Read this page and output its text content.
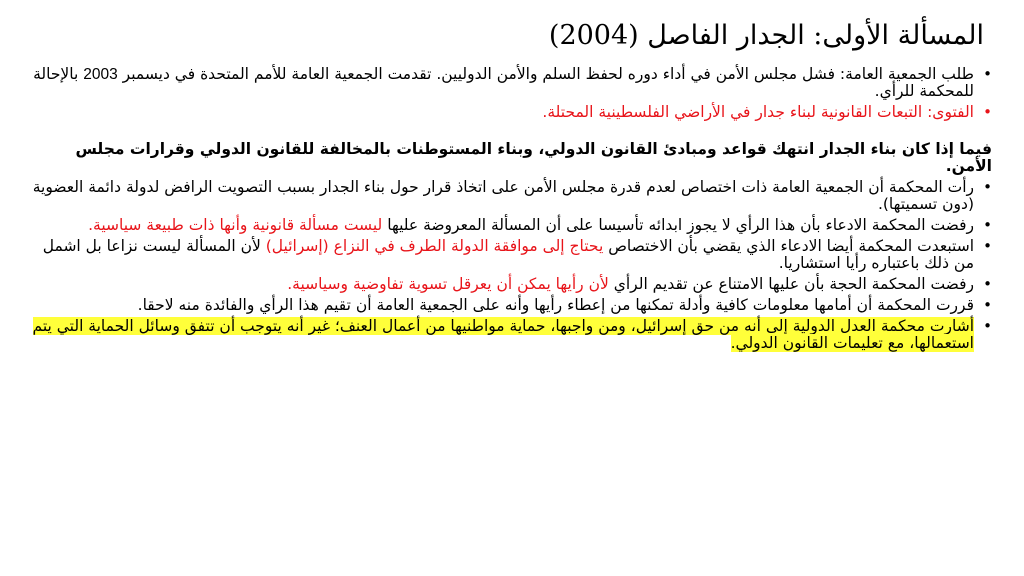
المسألة الأولى: الجدار الفاصل (2004)
•
طلب الجمعية العامة: فشل مجلس الأمن في أداء دوره لحفظ السلم والأمن الدوليين. تقدمت الجمعية العامة للأمم المتحدة في ديسمبر 2003 بالإحالة للمحكمة للرأي.
•
الفتوى: التبعات القانونية لبناء جدار في الأراضي الفلسطينية المحتلة.
فيما إذا كان بناء الجدار انتهك قواعد ومبادئ القانون الدولي، وبناء المستوطنات بالمخالفة للقانون الدولي وقرارات مجلس الأمن.
•
رأت المحكمة أن الجمعية العامة ذات اختصاص لعدم قدرة مجلس الأمن على اتخاذ قرار حول بناء الجدار بسبب التصويت الرافض لدولة دائمة العضوية (دون تسميتها).
•
رفضت المحكمة الادعاء بأن هذا الرأي لا يجوز ابدائه تأسيسا على أن المسألة المعروضة عليها ليست مسألة قانونية وأنها ذات طبيعة سياسية.
•
استبعدت المحكمة أيضا الادعاء الذي يقضي بأن الاختصاص يحتاج إلى موافقة الدولة الطرف في النزاع (إسرائيل) لأن المسألة ليست نزاعا بل اشمل من ذلك باعتباره رأيا استشاريا.
•
رفضت المحكمة الحجة بأن عليها الامتناع عن تقديم الرأي لأن رأيها يمكن أن يعرقل تسوية تفاوضية وسياسية.
•
قررت المحكمة أن أمامها معلومات كافية وأدلة تمكنها من إعطاء رأيها وأنه على الجمعية العامة أن تقيم هذا الرأي والفائدة منه لاحقا.
•
أشارت محكمة العدل الدولية إلى أنه من حق إسرائيل، ومن واجبها، حماية مواطنيها من أعمال العنف؛ غير أنه يتوجب أن تتفق وسائل الحماية التي يتم استعمالها، مع تعليمات القانون الدولي.
